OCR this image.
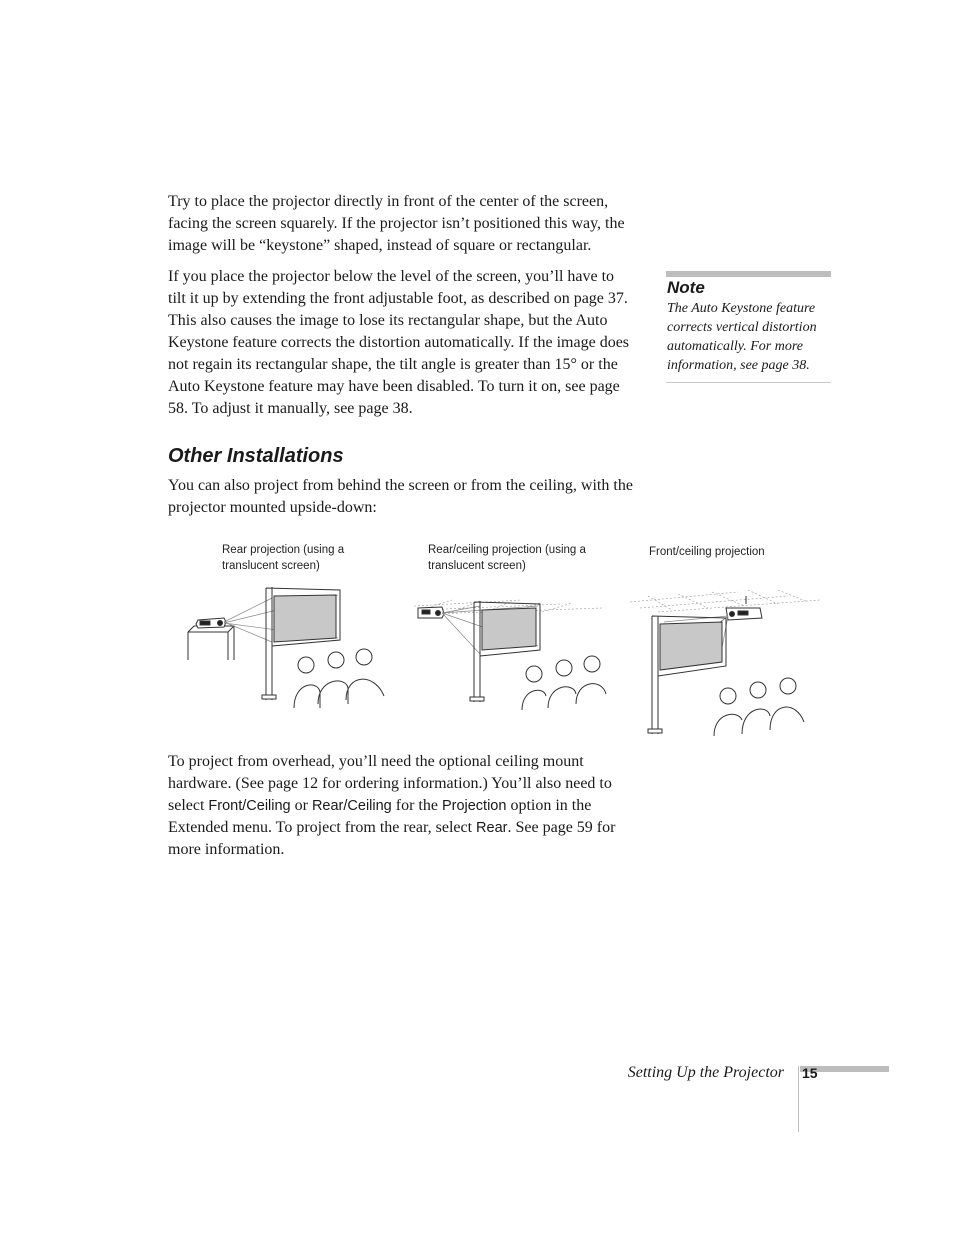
Try to place the projector directly in front of the center of the screen, facing the screen squarely. If the projector isn’t positioned this way, the image will be “keystone” shaped, instead of square or rectangular.

If you place the projector below the level of the screen, you’ll have to tilt it up by extending the front adjustable foot, as described on page 37. This also causes the image to lose its rectangular shape, but the Auto Keystone feature corrects the distortion automatically. If the image does not regain its rectangular shape, the tilt angle is greater than 15° or the Auto Keystone feature may have been disabled. To turn it on, see page 58. To adjust it manually, see page 38.

Note

The Auto Keystone feature corrects vertical distortion automatically. For more information, see page 38.

Other Installations

You can also project from behind the screen or from the ceiling, with the projector mounted upside-down:

Rear projection (using a translucent screen)

Rear/ceiling projection (using a translucent screen)

Front/ceiling projection

To project from overhead, you’ll need the optional ceiling mount hardware. (See page 12 for ordering information.) You’ll also need to select Front/Ceiling or Rear/Ceiling for the Projection option in the Extended menu. To project from the rear, select Rear. See page 59 for more information.

Setting Up the Projector 15
